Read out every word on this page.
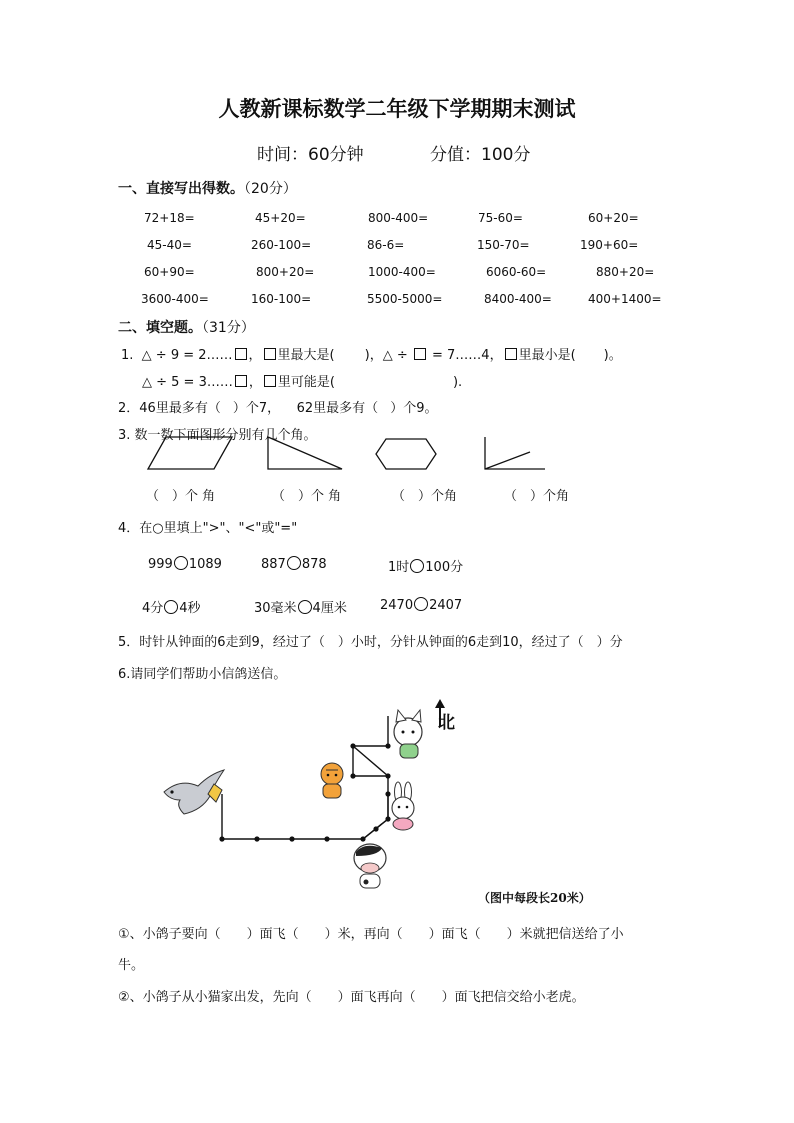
人教新课标数学二年级下学期期末测试
时间：60分钟	分值：100分
一、直接写出得数。（20分）
72+18=	45+20=	800-400=	75-60=	60+20=
45-40=	260-100=	86-6=	150-70=	190+60=
60+90=	800+20=	1000-400=	6060-60=	880+20=
3600-400=	160-100=	5500-5000=	8400-400=	400+1400=
二、填空题。（31分）
1. △ ÷ 9 = 2…… ， 里最大是( )，△ ÷ = 7……4， 里最小是( )。
△ ÷ 5 = 3…… ， 里可能是(	).
2．46里最多有（ ）个7， 62里最多有（ ）个9。
3. 数一数下面图形分别有几个角。
（　）个 角	（　）个 角	（　）个角	（　）个角
4．在○里填上">"、"<"或"="
999 1089	887 878	1时 100分
4分 4秒	30毫米 4厘米	2470 2407
5．时针从钟面的6走到9，经过了（　）小时，分针从钟面的6走到10，经过了（　）分
6.请同学们帮助小信鸽送信。
北
（图中每段长20米）
①、小鸽子要向（　　）面飞（　　）米，再向（　　）面飞（　　）米就把信送给了小
牛。
②、小鸽子从小猫家出发，先向（　　）面飞再向（　　）面飞把信交给小老虎。
